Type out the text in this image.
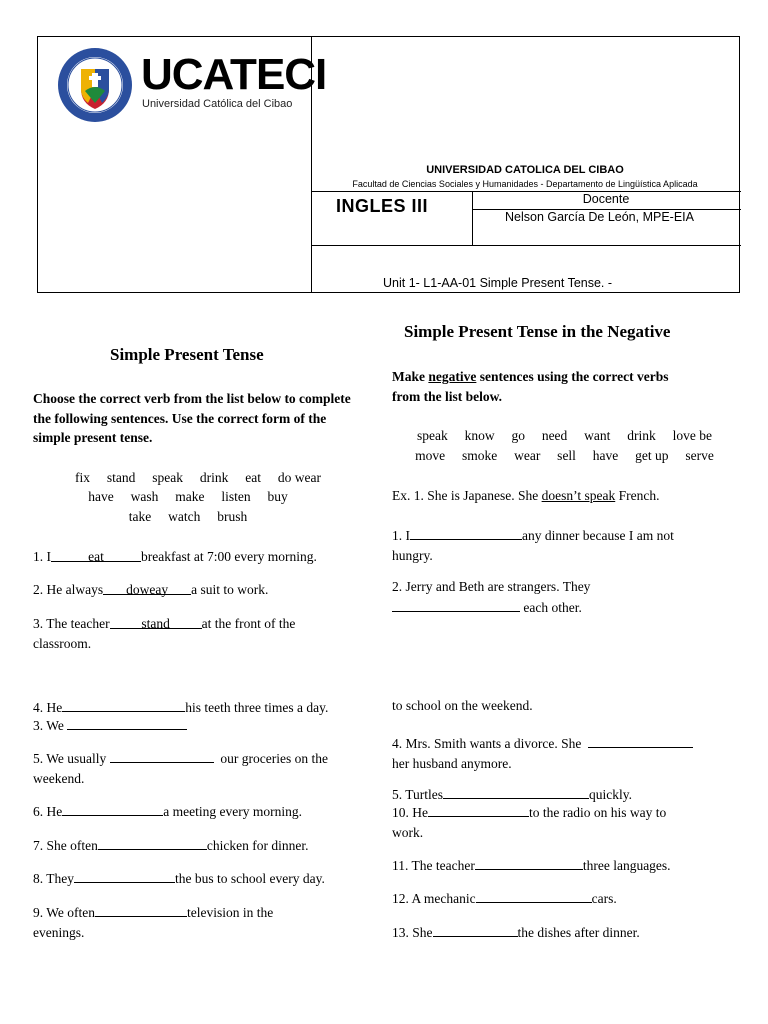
UCATECI
Universidad Católica del Cibao
UNIVERSIDAD CATOLICA DEL CIBAO
Facultad de Ciencias Sociales y Humanidades - Departamento de Lingüística Aplicada
INGLES III	Docente
Nelson García De León, MPE-EIA
Unit 1- L1-AA-01 Simple Present Tense. -
Simple Present Tense
Choose the correct verb from the list below to complete the following sentences. Use the correct form of the simple present tense.
fix     stand     speak     drink     eat     do wear
have     wash     make     listen     buy
take     watch     brush
1. I	eat	breakfast at 7:00 every morning.
2. He always doweay a suit to work.
3. The teacher stand at the front of the
classroom.
4. He	his teeth three times a day.
3. We
5. We usually	our groceries on the
weekend.
6. He	a meeting every morning.
7. She often	chicken for dinner.
8. They	the bus to school every day.
9. We often	television in the
evenings.
Simple Present Tense in the Negative
Make negative sentences using the correct verbs
from the list below.
speak     know     go     need     want     drink     love be
move     smoke     wear     sell     have     get up     serve
Ex. 1. She is Japanese. She doesn’t speak French.
1. I	any dinner because I am not
hungry.
2. Jerry and Beth are strangers. They
each other.
to school on the weekend.
4. Mrs. Smith wants a divorce. She
her husband anymore.
5. Turtles	quickly.
10. He	to the radio on his way to
work.
11. The teacher	three languages.
12. A mechanic	cars.
13. She	the dishes after dinner.
